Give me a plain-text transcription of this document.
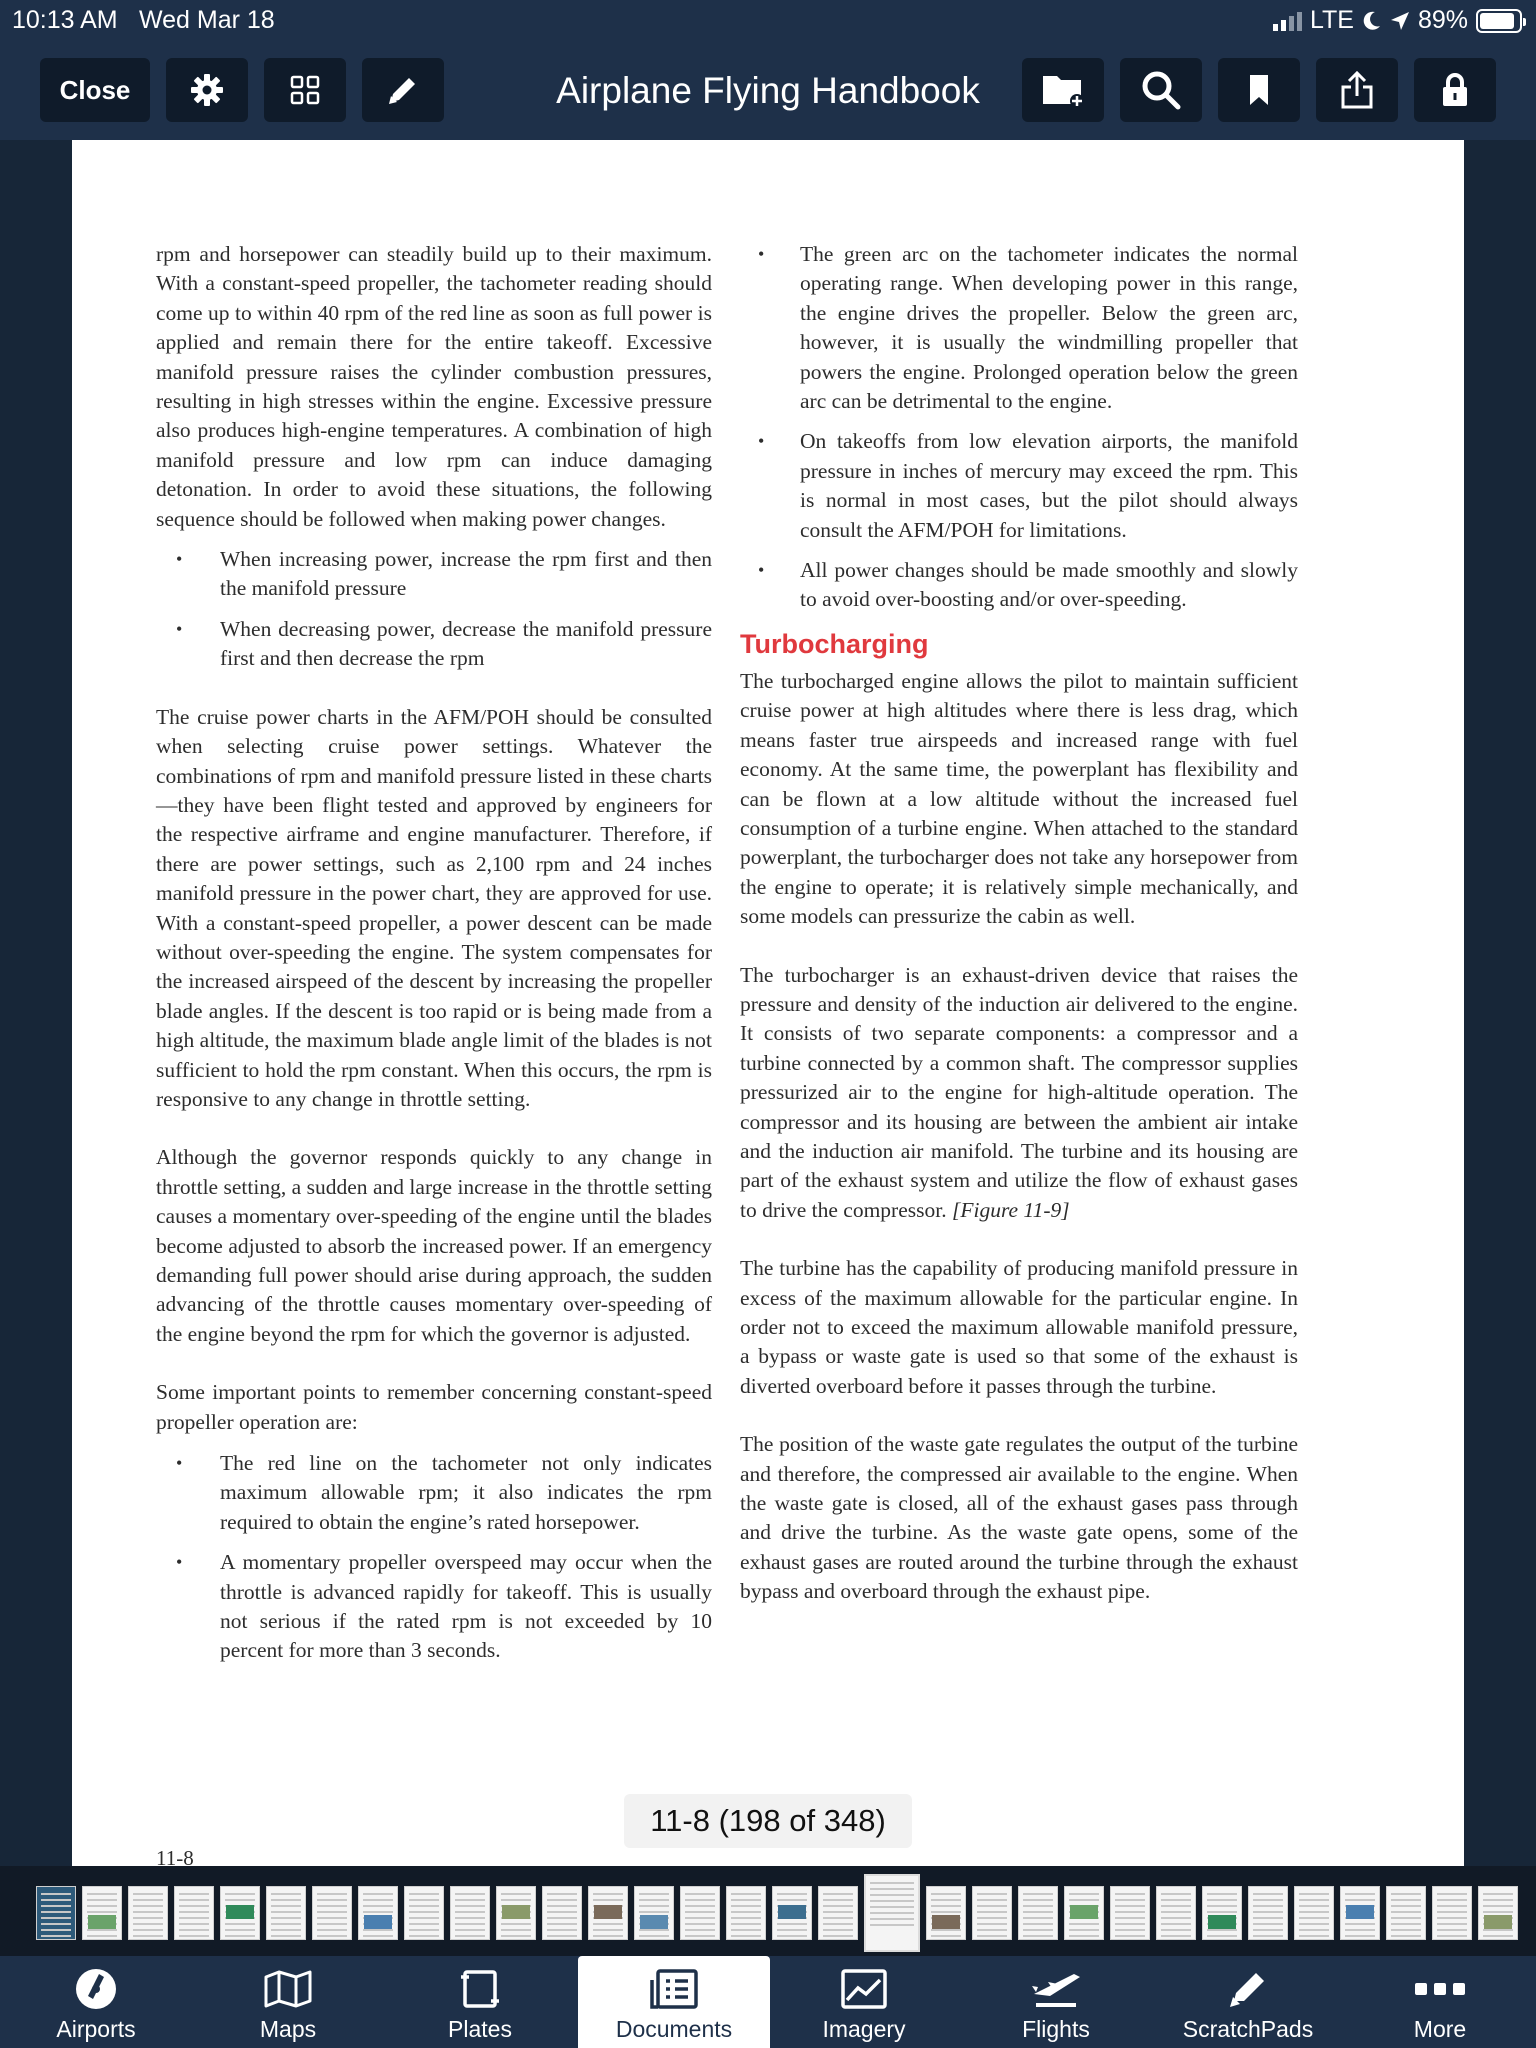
10:13 AM Wed Mar 18	LTE	89%
Close	Airplane Flying Handbook

rpm and horsepower can steadily build up to their maximum. With a constant-speed propeller, the tachometer reading should come up to within 40 rpm of the red line as soon as full power is applied and remain there for the entire takeoff. Excessive manifold pressure raises the cylinder combustion pressures, resulting in high stresses within the engine. Excessive pressure also produces high-engine temperatures. A combination of high manifold pressure and low rpm can induce damaging detonation. In order to avoid these situations, the following sequence should be followed when making power changes.

• When increasing power, increase the rpm first and then the manifold pressure
• When decreasing power, decrease the manifold pressure first and then decrease the rpm

The cruise power charts in the AFM/POH should be consulted when selecting cruise power settings. Whatever the combinations of rpm and manifold pressure listed in these charts—they have been flight tested and approved by engineers for the respective airframe and engine manufacturer. Therefore, if there are power settings, such as 2,100 rpm and 24 inches manifold pressure in the power chart, they are approved for use. With a constant-speed propeller, a power descent can be made without over-speeding the engine. The system compensates for the increased airspeed of the descent by increasing the propeller blade angles. If the descent is too rapid or is being made from a high altitude, the maximum blade angle limit of the blades is not sufficient to hold the rpm constant. When this occurs, the rpm is responsive to any change in throttle setting.

Although the governor responds quickly to any change in throttle setting, a sudden and large increase in the throttle setting causes a momentary over-speeding of the engine until the blades become adjusted to absorb the increased power. If an emergency demanding full power should arise during approach, the sudden advancing of the throttle causes momentary over-speeding of the engine beyond the rpm for which the governor is adjusted.

Some important points to remember concerning constant-speed propeller operation are:

• The red line on the tachometer not only indicates maximum allowable rpm; it also indicates the rpm required to obtain the engine’s rated horsepower.
• A momentary propeller overspeed may occur when the throttle is advanced rapidly for takeoff. This is usually not serious if the rated rpm is not exceeded by 10 percent for more than 3 seconds.
• The green arc on the tachometer indicates the normal operating range. When developing power in this range, the engine drives the propeller. Below the green arc, however, it is usually the windmilling propeller that powers the engine. Prolonged operation below the green arc can be detrimental to the engine.
• On takeoffs from low elevation airports, the manifold pressure in inches of mercury may exceed the rpm. This is normal in most cases, but the pilot should always consult the AFM/POH for limitations.
• All power changes should be made smoothly and slowly to avoid over-boosting and/or over-speeding.
Turbocharging

The turbocharged engine allows the pilot to maintain sufficient cruise power at high altitudes where there is less drag, which means faster true airspeeds and increased range with fuel economy. At the same time, the powerplant has flexibility and can be flown at a low altitude without the increased fuel consumption of a turbine engine. When attached to the standard powerplant, the turbocharger does not take any horsepower from the engine to operate; it is relatively simple mechanically, and some models can pressurize the cabin as well.

The turbocharger is an exhaust-driven device that raises the pressure and density of the induction air delivered to the engine. It consists of two separate components: a compressor and a turbine connected by a common shaft. The compressor supplies pressurized air to the engine for high-altitude operation. The compressor and its housing are between the ambient air intake and the induction air manifold. The turbine and its housing are part of the exhaust system and utilize the flow of exhaust gases to drive the compressor. [Figure 11-9]

The turbine has the capability of producing manifold pressure in excess of the maximum allowable for the particular engine. In order not to exceed the maximum allowable manifold pressure, a bypass or waste gate is used so that some of the exhaust is diverted overboard before it passes through the turbine.

The position of the waste gate regulates the output of the turbine and therefore, the compressed air available to the engine. When the waste gate is closed, all of the exhaust gases pass through and drive the turbine. As the waste gate opens, some of the exhaust gases are routed around the turbine through the exhaust bypass and overboard through the exhaust pipe.

11-8 (198 of 348)
11-8
Airports	Maps	Plates	Documents	Imagery	Flights	ScratchPads	More
